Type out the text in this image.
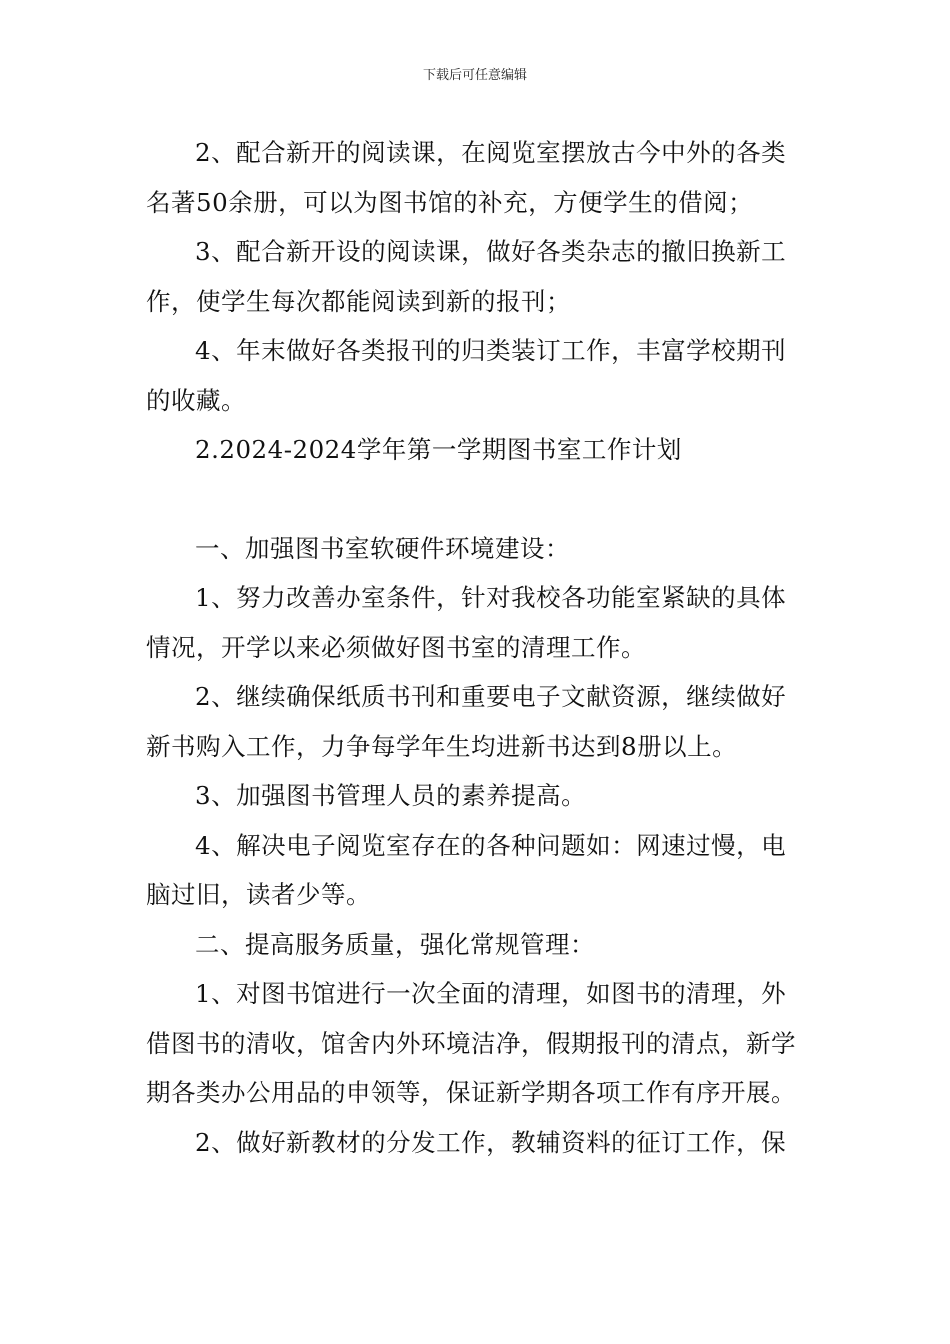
下载后可任意编辑

2、配合新开的阅读课，在阅览室摆放古今中外的各类名著50余册，可以为图书馆的补充，方便学生的借阅；

3、配合新开设的阅读课，做好各类杂志的撤旧换新工作，使学生每次都能阅读到新的报刊；

4、年末做好各类报刊的归类装订工作，丰富学校期刊的收藏。

2.2024-2024学年第一学期图书室工作计划

一、加强图书室软硬件环境建设：

1、努力改善办室条件，针对我校各功能室紧缺的具体情况，开学以来必须做好图书室的清理工作。

2、继续确保纸质书刊和重要电子文献资源，继续做好新书购入工作，力争每学年生均进新书达到8册以上。

3、加强图书管理人员的素养提高。

4、解决电子阅览室存在的各种问题如：网速过慢，电脑过旧，读者少等。

二、提高服务质量，强化常规管理：

1、对图书馆进行一次全面的清理，如图书的清理，外借图书的清收，馆舍内外环境洁净，假期报刊的清点，新学期各类办公用品的申领等，保证新学期各项工作有序开展。

2、做好新教材的分发工作，教辅资料的征订工作，保
